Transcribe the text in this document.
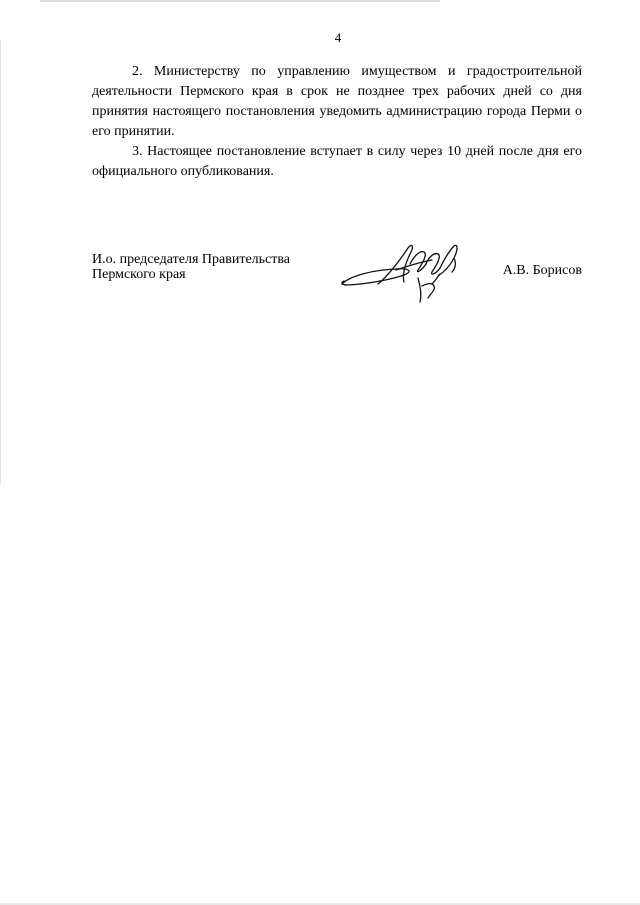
4

2. Министерству по управлению имуществом и градостроительной деятельности Пермского края в срок не позднее трех рабочих дней со дня принятия настоящего постановления уведомить администрацию города Перми о его принятии.

3. Настоящее постановление вступает в силу через 10 дней после дня его официального опубликования.

И.о. председателя Правительства
Пермского края	А.В. Борисов
